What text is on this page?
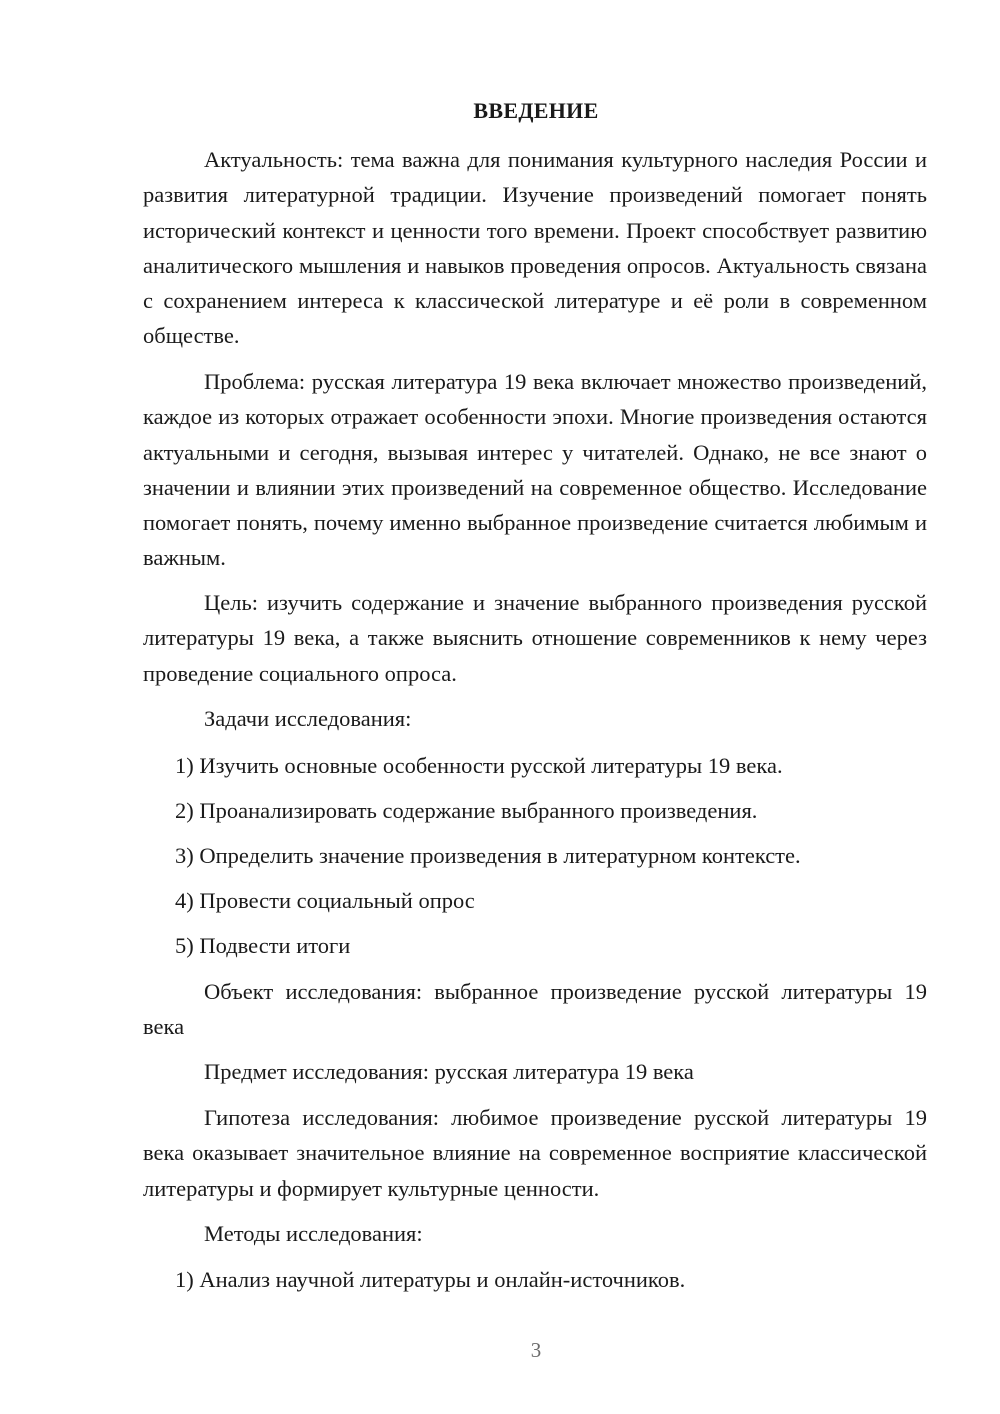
ВВЕДЕНИЕ

Актуальность: тема важна для понимания культурного наследия России и развития литературной традиции. Изучение произведений помогает понять исторический контекст и ценности того времени. Проект способствует развитию аналитического мышления и навыков проведения опросов. Актуальность связана с сохранением интереса к классической литературе и её роли в современном обществе.

Проблема: русская литература 19 века включает множество произведений, каждое из которых отражает особенности эпохи. Многие произведения остаются актуальными и сегодня, вызывая интерес у читателей. Однако, не все знают о значении и влиянии этих произведений на современное общество. Исследование помогает понять, почему именно выбранное произведение считается любимым и важным.

Цель: изучить содержание и значение выбранного произведения русской литературы 19 века, а также выяснить отношение современников к нему через проведение социального опроса.

Задачи исследования:

1) Изучить основные особенности русской литературы 19 века.

2) Проанализировать содержание выбранного произведения.

3) Определить значение произведения в литературном контексте.

4) Провести социальный опрос

5) Подвести итоги

Объект исследования: выбранное произведение русской литературы 19 века

Предмет исследования: русская литература 19 века

Гипотеза исследования: любимое произведение русской литературы 19 века оказывает значительное влияние на современное восприятие классической литературы и формирует культурные ценности.

Методы исследования:

1) Анализ научной литературы и онлайн-источников.

3
